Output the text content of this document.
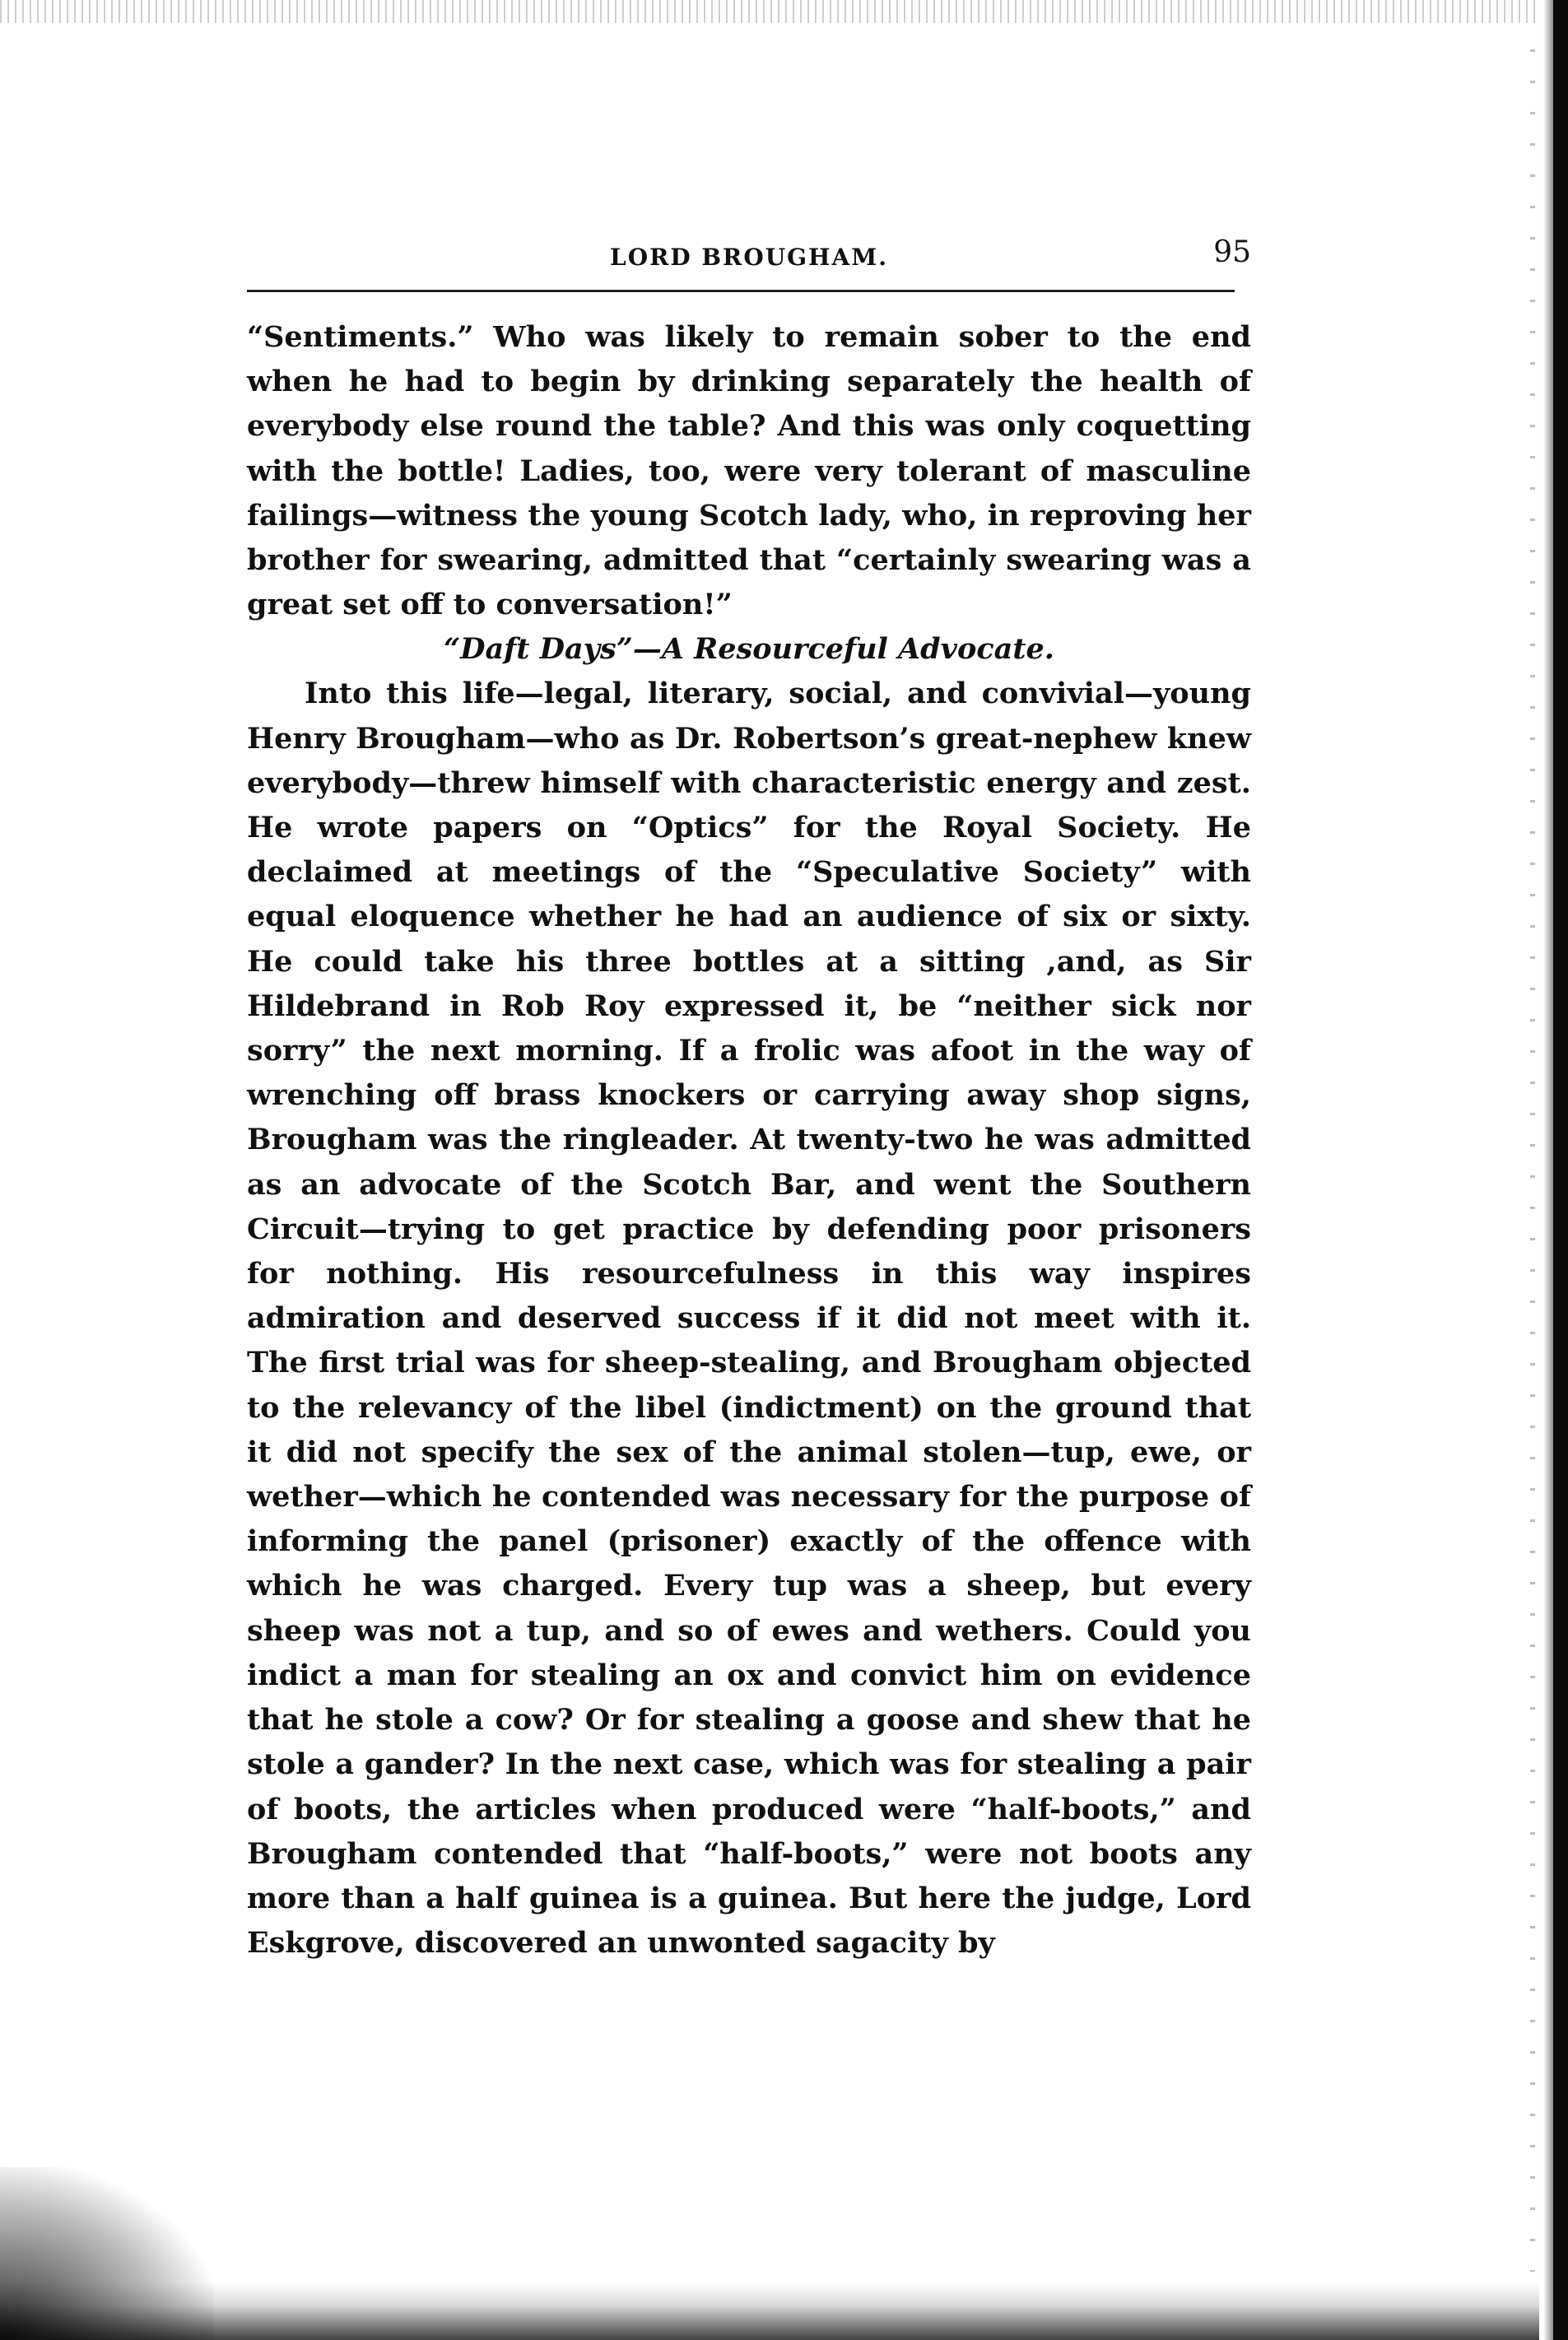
LORD BROUGHAM.	95

“Sentiments.” Who was likely to remain sober to the end when he had to begin by drinking separately the health of everybody else round the table? And this was only coquetting with the bottle! Ladies, too, were very tolerant of masculine failings—witness the young Scotch lady, who, in reproving her brother for swearing, admitted that “certainly swearing was a great set off to conversation!”

“Daft Days”—A Resourceful Advocate.

Into this life—legal, literary, social, and convivial—young Henry Brougham—who as Dr. Robertson’s great-nephew knew everybody—threw himself with characteristic energy and zest. He wrote papers on “Optics” for the Royal Society. He declaimed at meetings of the “Speculative Society” with equal eloquence whether he had an audience of six or sixty. He could take his three bottles at a sitting ,and, as Sir Hildebrand in Rob Roy expressed it, be “neither sick nor sorry” the next morning. If a frolic was afoot in the way of wrenching off brass knockers or carrying away shop signs, Brougham was the ringleader. At twenty-two he was admitted as an advocate of the Scotch Bar, and went the Southern Circuit—trying to get practice by defending poor prisoners for nothing. His resourcefulness in this way inspires admiration and deserved success if it did not meet with it. The first trial was for sheep-stealing, and Brougham objected to the relevancy of the libel (indictment) on the ground that it did not specify the sex of the animal stolen—tup, ewe, or wether—which he contended was necessary for the purpose of informing the panel (prisoner) exactly of the offence with which he was charged. Every tup was a sheep, but every sheep was not a tup, and so of ewes and wethers. Could you indict a man for stealing an ox and convict him on evidence that he stole a cow? Or for stealing a goose and shew that he stole a gander? In the next case, which was for stealing a pair of boots, the articles when produced were “half-boots,” and Brougham contended that “half-boots,” were not boots any more than a half guinea is a guinea. But here the judge, Lord Eskgrove, discovered an unwonted sagacity by
